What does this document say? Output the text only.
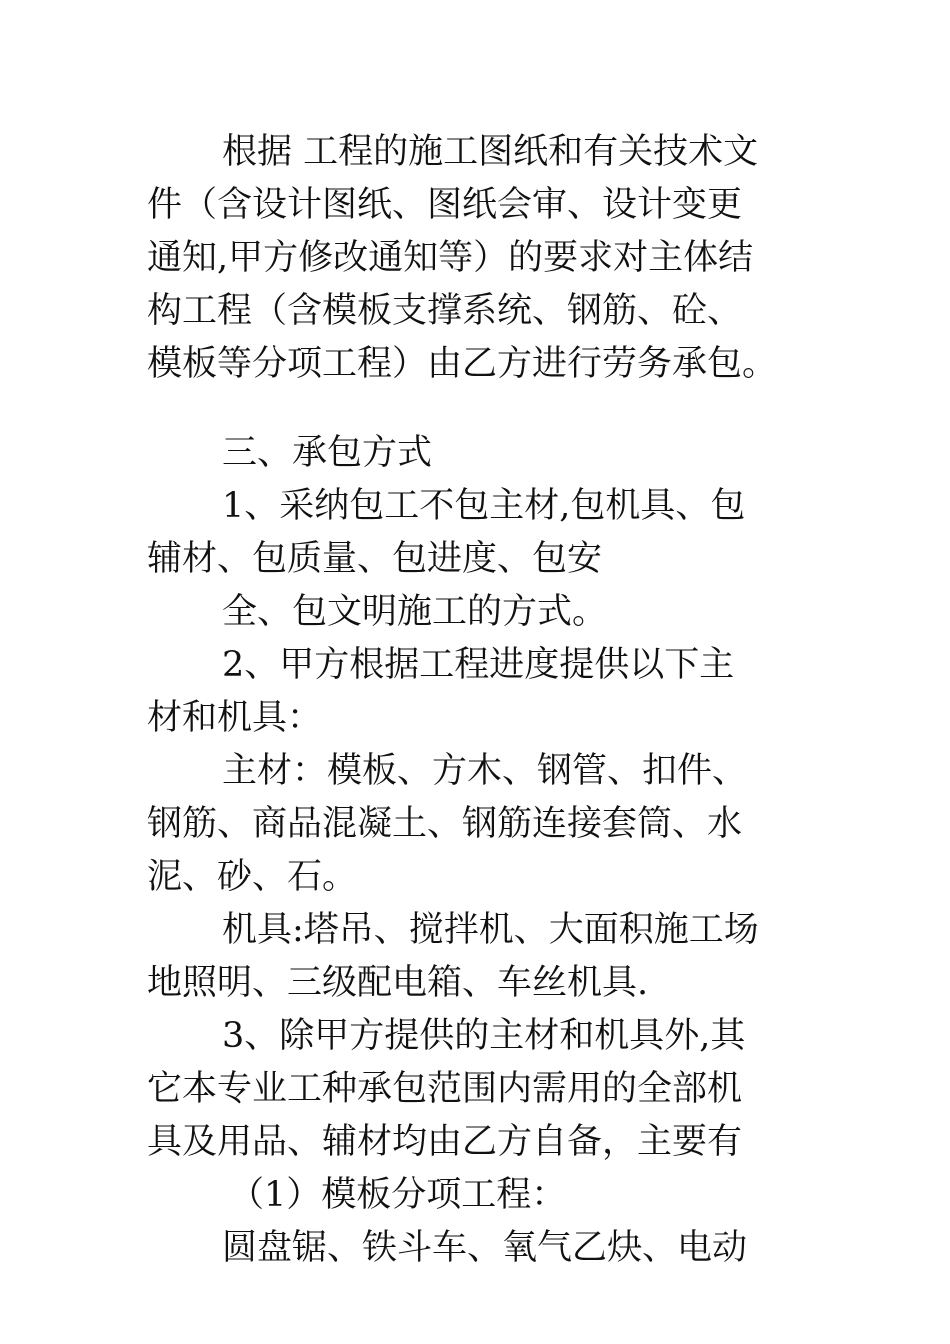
根据 工程的施工图纸和有关技术文

件（含设计图纸、图纸会审、设计变更

通知,甲方修改通知等）的要求对主体结

构工程（含模板支撑系统、钢筋、砼、

模板等分项工程）由乙方进行劳务承包。

三、承包方式

1、采纳包工不包主材,包机具、包

辅材、包质量、包进度、包安

全、包文明施工的方式。

2、甲方根据工程进度提供以下主

材和机具：

主材：模板、方木、钢管、扣件、

钢筋、商品混凝土、钢筋连接套筒、水

泥、砂、石。

机具:塔吊、搅拌机、大面积施工场

地照明、三级配电箱、车丝机具.

3、除甲方提供的主材和机具外,其

它本专业工种承包范围内需用的全部机

具及用品、辅材均由乙方自备，主要有

（1）模板分项工程：

圆盘锯、铁斗车、氧气乙炔、电动
